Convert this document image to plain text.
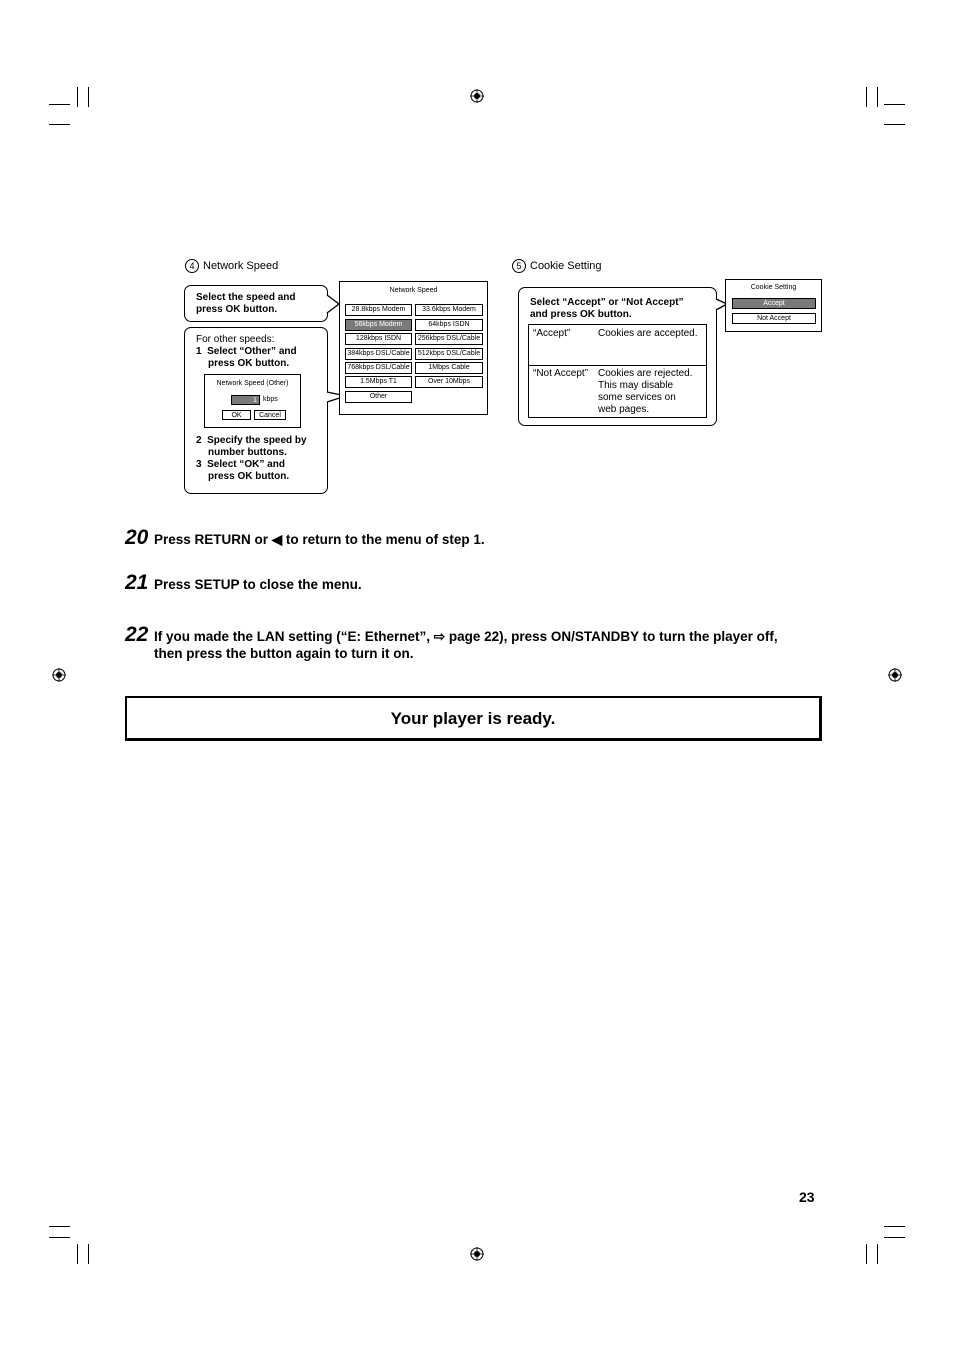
4 Network Speed
Select the speed and
press OK button.
For other speeds:
1 Select “Other” and
press OK button.
Network Speed (Other)
1 kbps
OK	Cancel
2 Specify the speed by
number buttons.
3 Select “OK” and
press OK button.
Network Speed
28.8kbps Modem	33.6kbps Modem
56kbps Modem	64kbps ISDN
128kbps ISDN	256kbps DSL/Cable
384kbps DSL/Cable	512kbps DSL/Cable
768kbps DSL/Cable	1Mbps Cable
1.5Mbps T1	Over 10Mbps
Other
5 Cookie Setting
Select “Accept” or “Not Accept”
and press OK button.
“Accept”	Cookies are accepted.
“Not Accept” Cookies are rejected.
This may disable
some services on
web pages.
Cookie Setting
Accept
Not Accept
20 Press RETURN or ◀ to return to the menu of step 1.
21 Press SETUP to close the menu.
22 If you made the LAN setting (“E: Ethernet”, ⇨ page 22), press ON/STANDBY to turn the player off,
then press the button again to turn it on.
Your player is ready.
23
